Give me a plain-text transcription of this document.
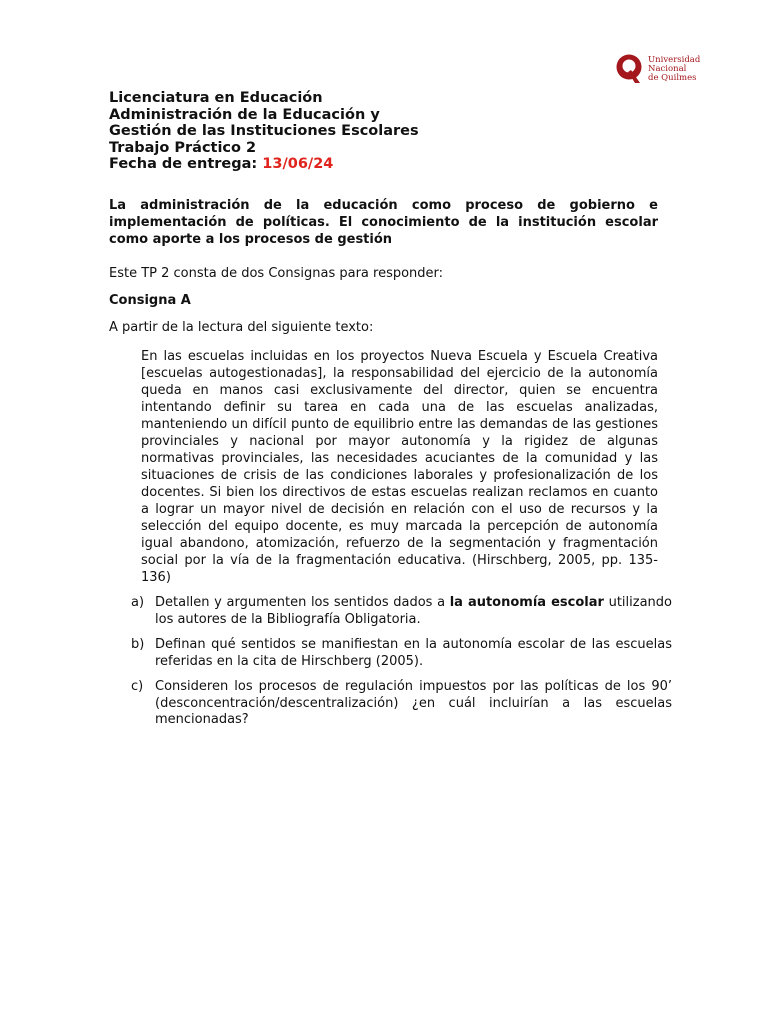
Universidad
Nacional
de Quilmes
Licenciatura en Educación
Administración de la Educación y
Gestión de las Instituciones Escolares
Trabajo Práctico 2
Fecha de entrega: 13/06/24
La administración de la educación como proceso de gobierno e implementación de políticas. El conocimiento de la institución escolar como aporte a los procesos de gestión
Este TP 2 consta de dos Consignas para responder:
Consigna A
A partir de la lectura del siguiente texto:
En las escuelas incluidas en los proyectos Nueva Escuela y Escuela Creativa [escuelas autogestionadas], la responsabilidad del ejercicio de la autonomía queda en manos casi exclusivamente del director, quien se encuentra intentando definir su tarea en cada una de las escuelas analizadas, manteniendo un difícil punto de equilibrio entre las demandas de las gestiones provinciales y nacional por mayor autonomía y la rigidez de algunas normativas provinciales, las necesidades acuciantes de la comunidad y las situaciones de crisis de las condiciones laborales y profesionalización de los docentes. Si bien los directivos de estas escuelas realizan reclamos en cuanto a lograr un mayor nivel de decisión en relación con el uso de recursos y la selección del equipo docente, es muy marcada la percepción de autonomía igual abandono, atomización, refuerzo de la segmentación y fragmentación social por la vía de la fragmentación educativa. (Hirschberg, 2005, pp. 135-136)
a) Detallen y argumenten los sentidos dados a la autonomía escolar utilizando los autores de la Bibliografía Obligatoria.
b) Definan qué sentidos se manifiestan en la autonomía escolar de las escuelas referidas en la cita de Hirschberg (2005).
c) Consideren los procesos de regulación impuestos por las políticas de los 90’ (desconcentración/descentralización) ¿en cuál incluirían a las escuelas mencionadas?
